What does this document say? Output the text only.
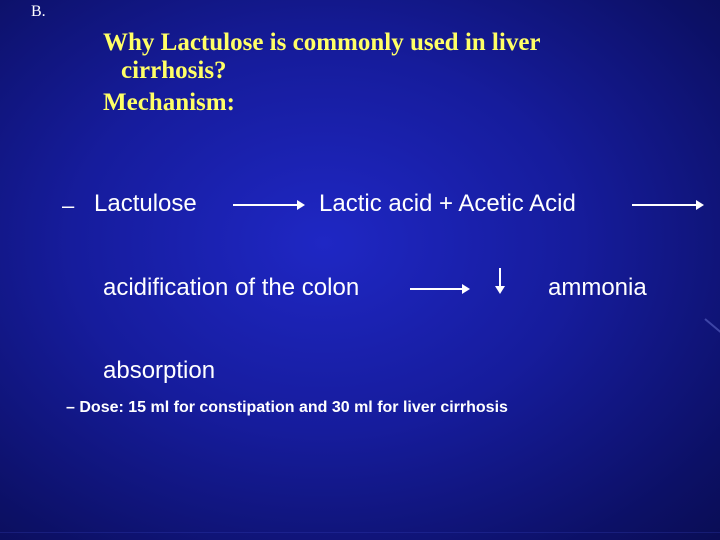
B.
Why Lactulose is commonly used in liver
cirrhosis?
Mechanism:
– Lactulose	Lactic acid + Acetic Acid
acidification of the colon	ammonia
absorption
– Dose: 15 ml for constipation and 30 ml for liver cirrhosis
